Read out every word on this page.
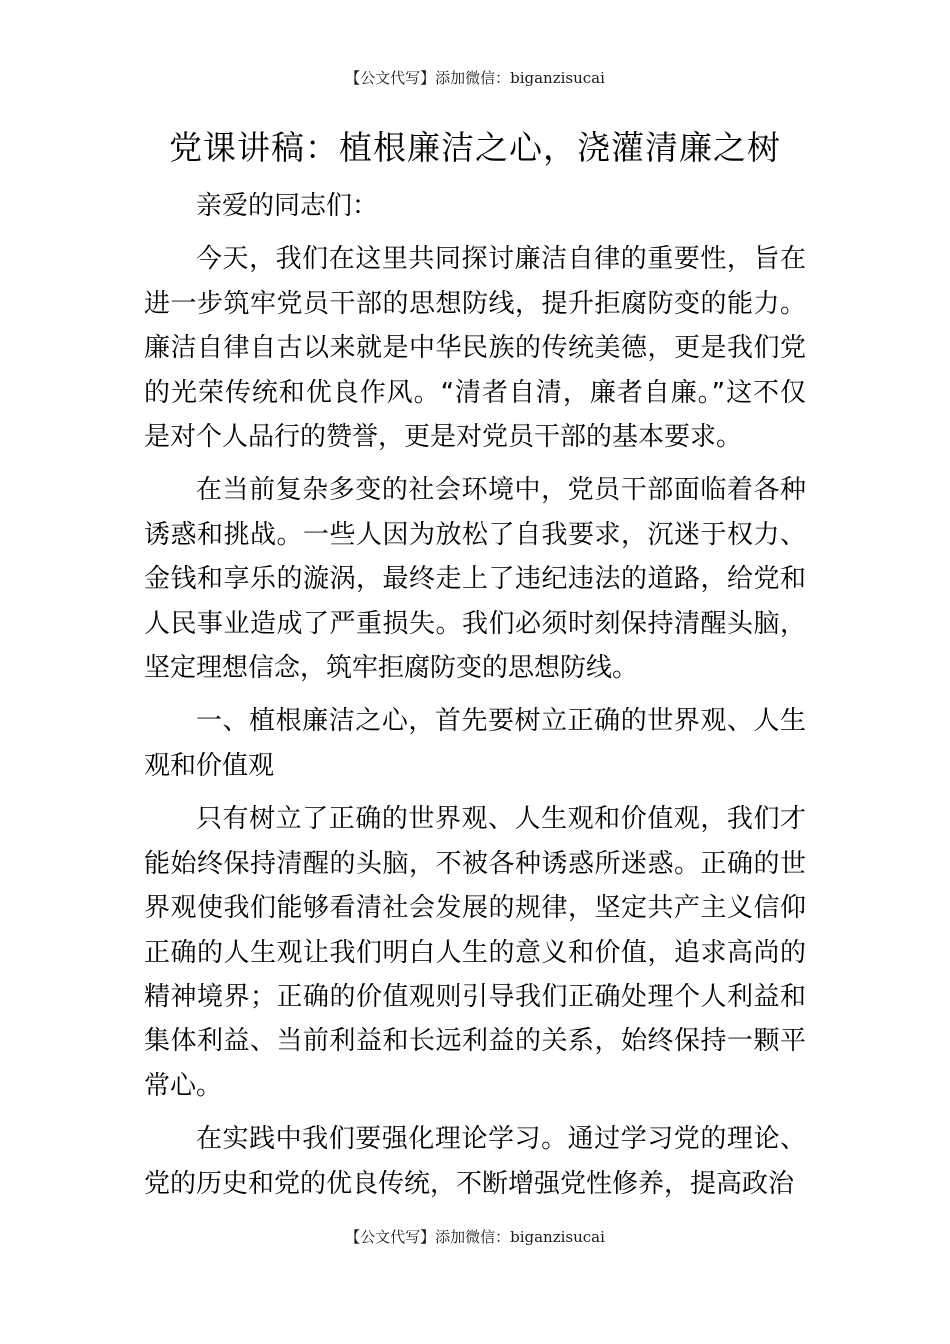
【公文代写】添加微信：biganzisucai
党课讲稿：植根廉洁之心，浇灌清廉之树

亲爱的同志们：

今天，我们在这里共同探讨廉洁自律的重要性，旨在进一步筑牢党员干部的思想防线，提升拒腐防变的能力。廉洁自律自古以来就是中华民族的传统美德，更是我们党的光荣传统和优良作风。“清者自清，廉者自廉。”这不仅是对个人品行的赞誉，更是对党员干部的基本要求。

在当前复杂多变的社会环境中，党员干部面临着各种诱惑和挑战。一些人因为放松了自我要求，沉迷于权力、金钱和享乐的漩涡，最终走上了违纪违法的道路，给党和人民事业造成了严重损失。我们必须时刻保持清醒头脑，坚定理想信念，筑牢拒腐防变的思想防线。

一、植根廉洁之心，首先要树立正确的世界观、人生观和价值观

只有树立了正确的世界观、人生观和价值观，我们才能始终保持清醒的头脑，不被各种诱惑所迷惑。正确的世界观使我们能够看清社会发展的规律，坚定共产主义信仰正确的人生观让我们明白人生的意义和价值，追求高尚的精神境界；正确的价值观则引导我们正确处理个人利益和集体利益、当前利益和长远利益的关系，始终保持一颗平常心。

在实践中我们要强化理论学习。通过学习党的理论、党的历史和党的优良传统，不断增强党性修养，提高政治

【公文代写】添加微信：biganzisucai
